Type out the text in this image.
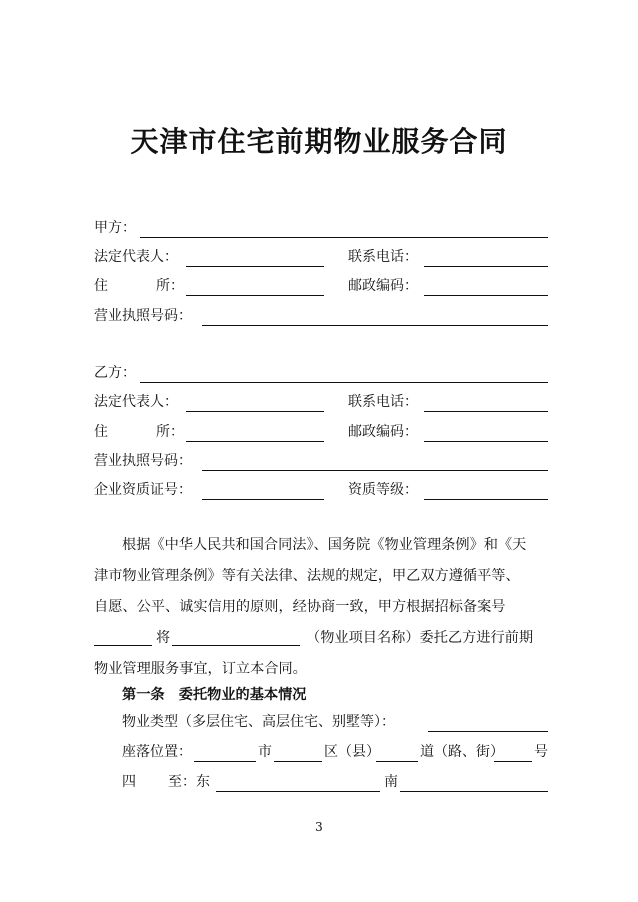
天津市住宅前期物业服务合同
甲方：
法定代表人：	联系电话：
住	所：	邮政编码：
营业执照号码：
乙方：
法定代表人：	联系电话：
住	所：	邮政编码：
营业执照号码：
企业资质证号：	资质等级：
根据《中华人民共和国合同法》、国务院《物业管理条例》和《天
津市物业管理条例》等有关法律、法规的规定，甲乙双方遵循平等、
自愿、公平、诚实信用的原则，经协商一致，甲方根据招标备案号
将	（物业项目名称）委托乙方进行前期
物业管理服务事宜，订立本合同。
第一条　委托物业的基本情况
物业类型（多层住宅、高层住宅、别墅等）：
座落位置：	市	区（县）	道（路、街） 号
四 至：东	南
3
